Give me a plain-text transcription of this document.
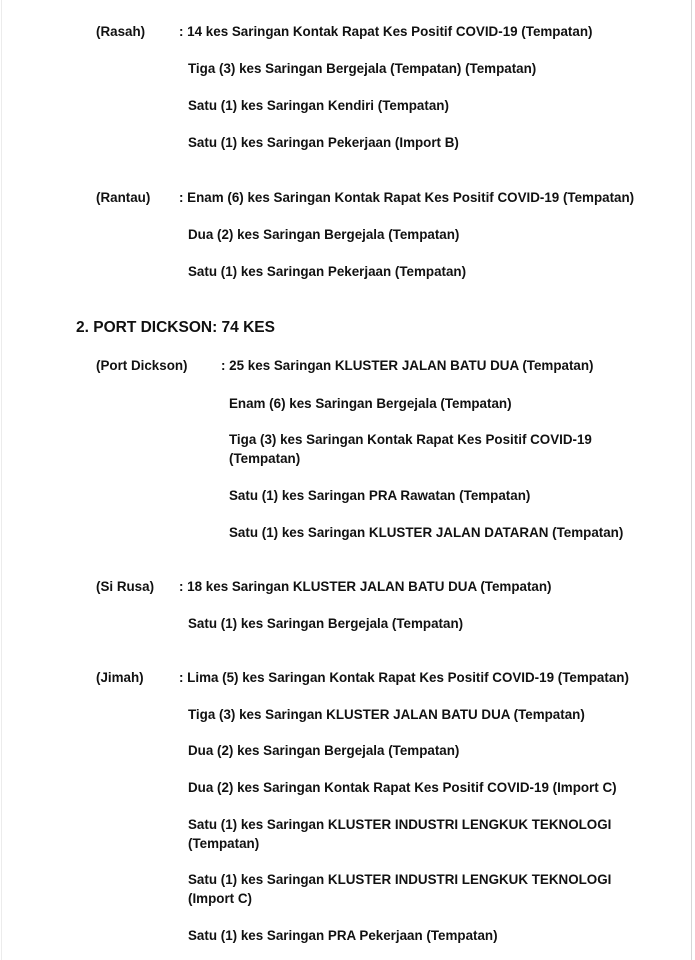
(Rasah)	: 14 kes Saringan Kontak Rapat Kes Positif COVID-19 (Tempatan)
Tiga (3) kes Saringan Bergejala (Tempatan) (Tempatan)
Satu (1) kes Saringan Kendiri (Tempatan)
Satu (1) kes Saringan Pekerjaan (Import B)
(Rantau) : Enam (6) kes Saringan Kontak Rapat Kes Positif COVID-19 (Tempatan)
Dua (2) kes Saringan Bergejala (Tempatan)
Satu (1) kes Saringan Pekerjaan (Tempatan)
2. PORT DICKSON: 74 KES
(Port Dickson) : 25 kes Saringan KLUSTER JALAN BATU DUA (Tempatan)
Enam (6) kes Saringan Bergejala (Tempatan)
Tiga (3) kes Saringan Kontak Rapat Kes Positif COVID-19
(Tempatan)
Satu (1) kes Saringan PRA Rawatan (Tempatan)
Satu (1) kes Saringan KLUSTER JALAN DATARAN (Tempatan)
(Si Rusa) : 18 kes Saringan KLUSTER JALAN BATU DUA (Tempatan)
Satu (1) kes Saringan Bergejala (Tempatan)
(Jimah)	: Lima (5) kes Saringan Kontak Rapat Kes Positif COVID-19 (Tempatan)
Tiga (3) kes Saringan KLUSTER JALAN BATU DUA (Tempatan)
Dua (2) kes Saringan Bergejala (Tempatan)
Dua (2) kes Saringan Kontak Rapat Kes Positif COVID-19 (Import C)
Satu (1) kes Saringan KLUSTER INDUSTRI LENGKUK TEKNOLOGI
(Tempatan)
Satu (1) kes Saringan KLUSTER INDUSTRI LENGKUK TEKNOLOGI
(Import C)
Satu (1) kes Saringan PRA Pekerjaan (Tempatan)
